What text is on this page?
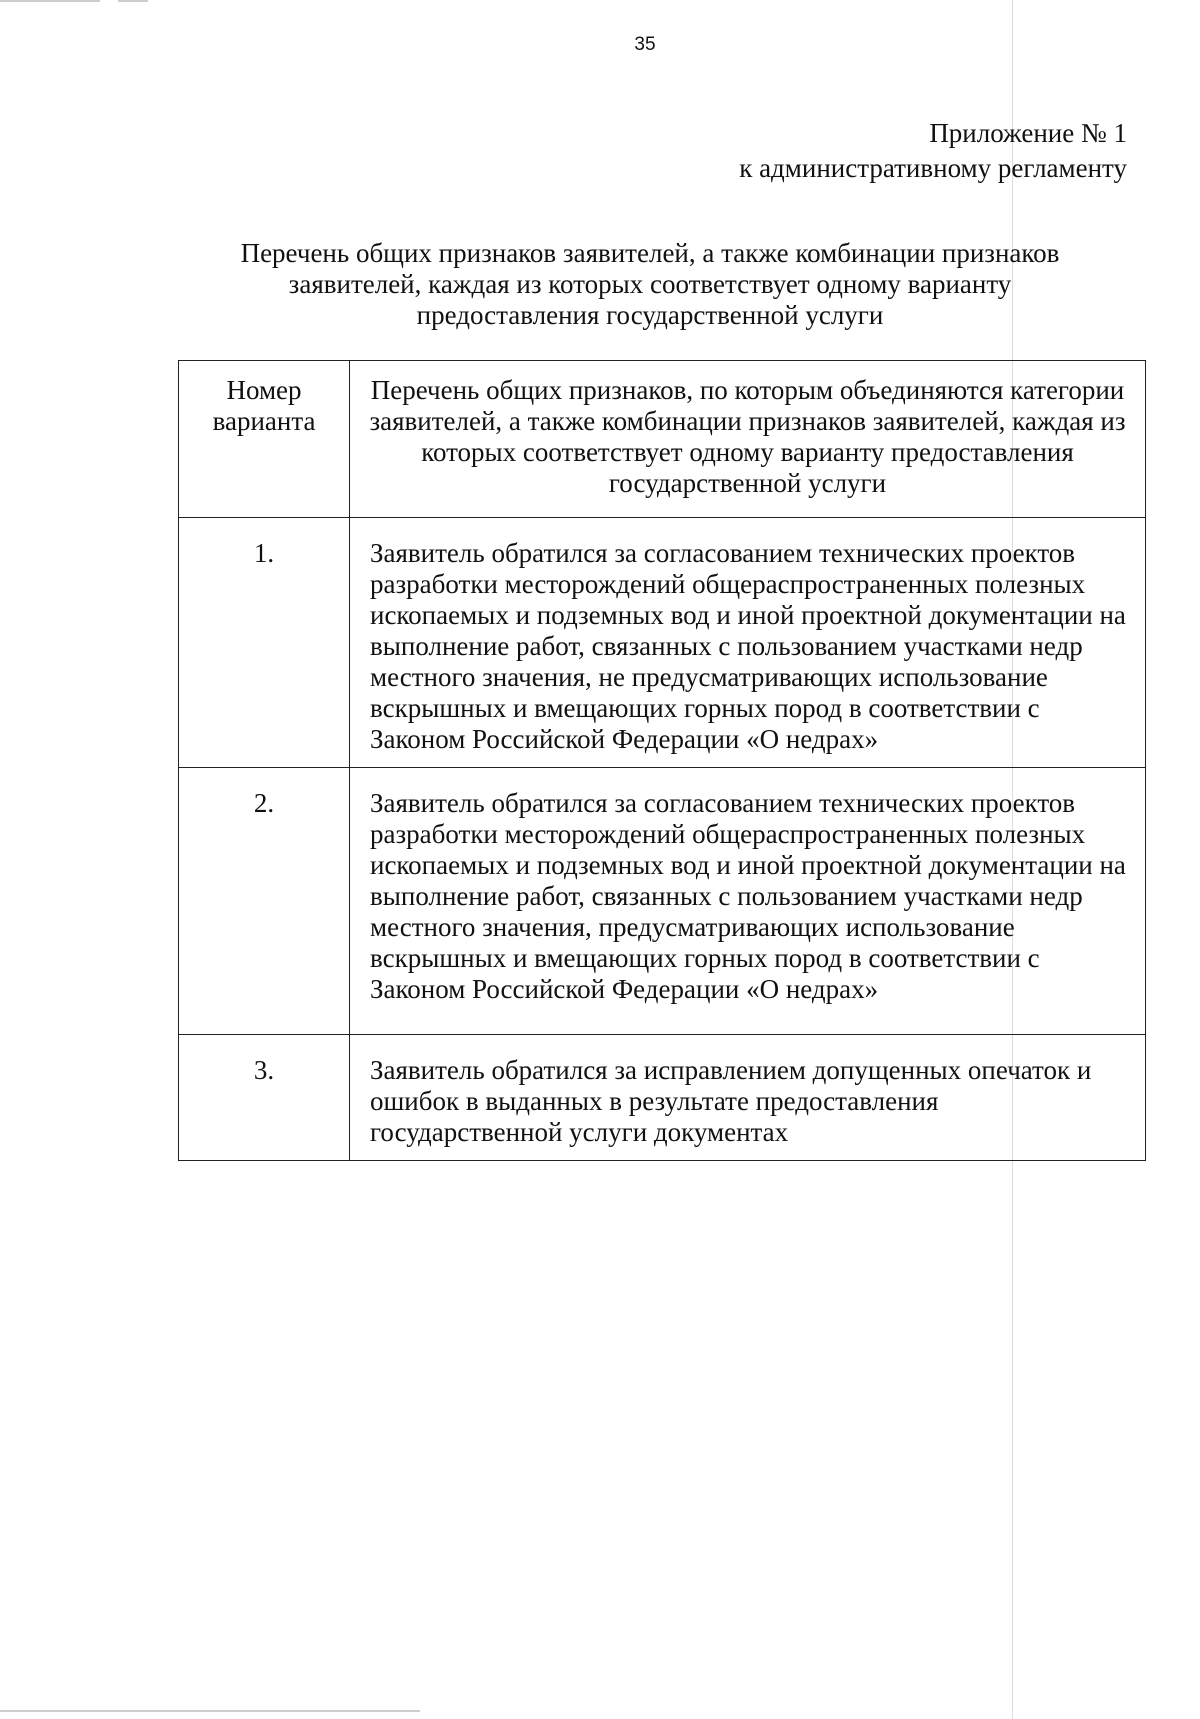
35
Приложение № 1
к административному регламенту
Перечень общих признаков заявителей, а также комбинации признаков
заявителей, каждая из которых соответствует одному варианту
предоставления государственной услуги
Номер
варианта	Перечень общих признаков, по которым объединяются категории заявителей, а также комбинации признаков заявителей, каждая из которых соответствует одному варианту предоставления государственной услуги
1.	Заявитель обратился за согласованием технических проектов разработки месторождений общераспространенных полезных ископаемых и подземных вод и иной проектной документации на выполнение работ, связанных с пользованием участками недр местного значения, не предусматривающих использование вскрышных и вмещающих горных пород в соответствии с Законом Российской Федерации «О недрах»
2.	Заявитель обратился за согласованием технических проектов разработки месторождений общераспространенных полезных ископаемых и подземных вод и иной проектной документации на выполнение работ, связанных с пользованием участками недр местного значения, предусматривающих использование вскрышных и вмещающих горных пород в соответствии с Законом Российской Федерации «О недрах»
3.	Заявитель обратился за исправлением допущенных опечаток и ошибок в выданных в результате предоставления государственной услуги документах
